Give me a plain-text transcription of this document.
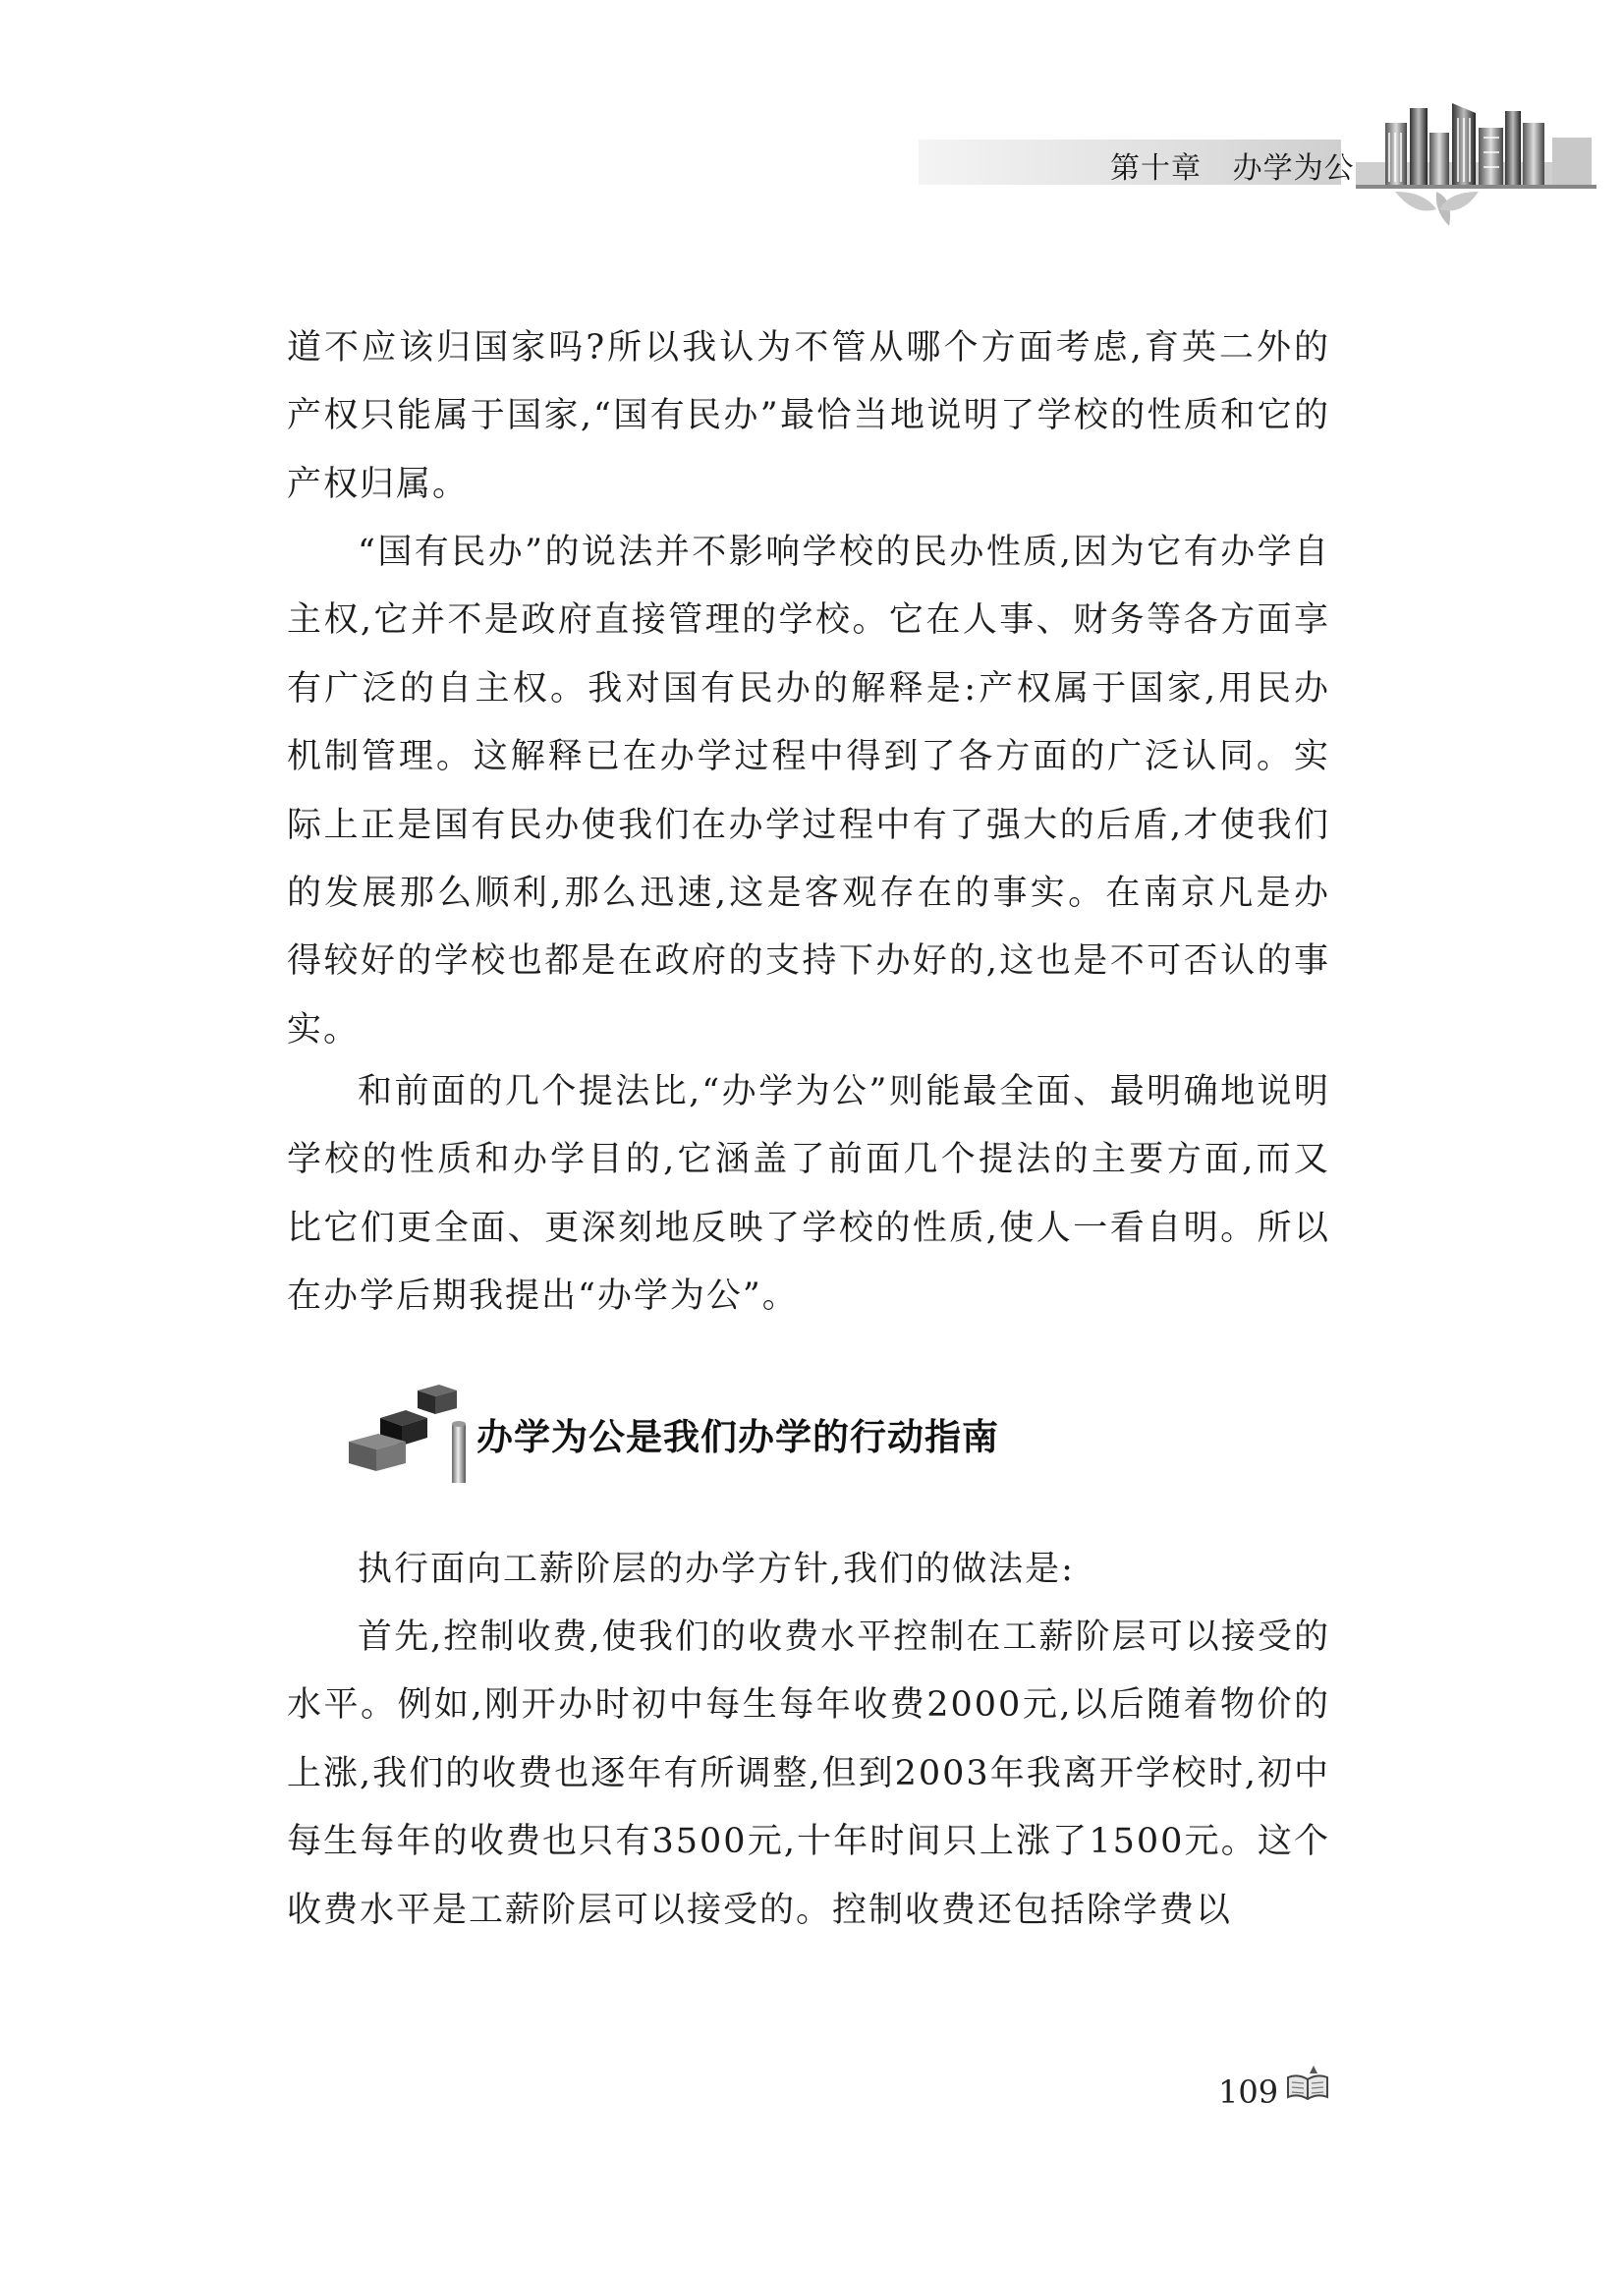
第十章 办学为公

道不应该归国家吗?所以我认为不管从哪个方面考虑,育英二外的产权只能属于国家,“国有民办”最恰当地说明了学校的性质和它的产权归属。

“国有民办”的说法并不影响学校的民办性质,因为它有办学自主权,它并不是政府直接管理的学校。它在人事、财务等各方面享有广泛的自主权。我对国有民办的解释是:产权属于国家,用民办机制管理。这解释已在办学过程中得到了各方面的广泛认同。实际上正是国有民办使我们在办学过程中有了强大的后盾,才使我们的发展那么顺利,那么迅速,这是客观存在的事实。在南京凡是办得较好的学校也都是在政府的支持下办好的,这也是不可否认的事实。

和前面的几个提法比,“办学为公”则能最全面、最明确地说明学校的性质和办学目的,它涵盖了前面几个提法的主要方面,而又比它们更全面、更深刻地反映了学校的性质,使人一看自明。所以在办学后期我提出“办学为公”。

办学为公是我们办学的行动指南

执行面向工薪阶层的办学方针,我们的做法是:

首先,控制收费,使我们的收费水平控制在工薪阶层可以接受的水平。例如,刚开办时初中每生每年收费2000元,以后随着物价的上涨,我们的收费也逐年有所调整,但到2003年我离开学校时,初中每生每年的收费也只有3500元,十年时间只上涨了1500元。这个收费水平是工薪阶层可以接受的。控制收费还包括除学费以

109
